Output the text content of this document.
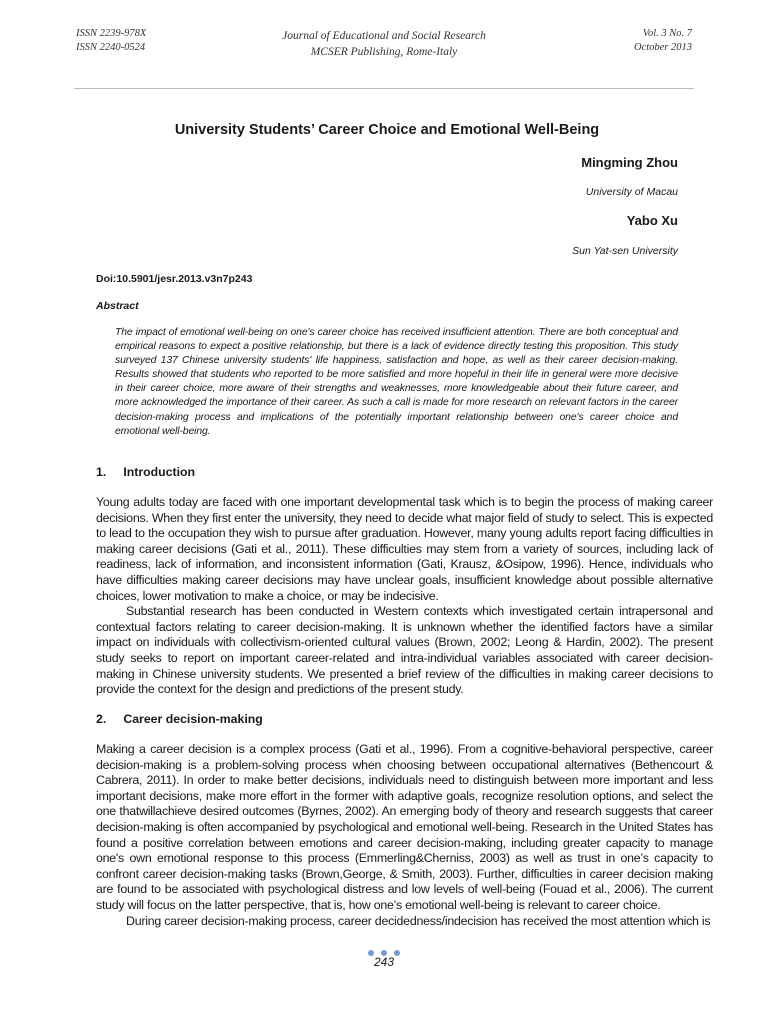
ISSN 2239-978X
ISSN 2240-0524
Journal of Educational and Social Research
MCSER Publishing, Rome-Italy
Vol. 3 No. 7
October 2013
University Students’ Career Choice and Emotional Well-Being
Mingming Zhou
University of Macau
Yabo Xu
Sun Yat-sen University
Doi:10.5901/jesr.2013.v3n7p243
Abstract
The impact of emotional well-being on one's career choice has received insufficient attention. There are both conceptual and empirical reasons to expect a positive relationship, but there is a lack of evidence directly testing this proposition. This study surveyed 137 Chinese university students' life happiness, satisfaction and hope, as well as their career decision-making. Results showed that students who reported to be more satisfied and more hopeful in their life in general were more decisive in their career choice, more aware of their strengths and weaknesses, more knowledgeable about their future career, and more acknowledged the importance of their career. As such a call is made for more research on relevant factors in the career decision-making process and implications of the potentially important relationship between one's career choice and emotional well-being.
1.     Introduction

Young adults today are faced with one important developmental task which is to begin the process of making career decisions. When they first enter the university, they need to decide what major field of study to select. This is expected to lead to the occupation they wish to pursue after graduation. However, many young adults report facing difficulties in making career decisions (Gati et al., 2011). These difficulties may stem from a variety of sources, including lack of readiness, lack of information, and inconsistent information (Gati, Krausz, &Osipow, 1996). Hence, individuals who have difficulties making career decisions may have unclear goals, insufficient knowledge about possible alternative choices, lower motivation to make a choice, or may be indecisive.

Substantial research has been conducted in Western contexts which investigated certain intrapersonal and contextual factors relating to career decision-making. It is unknown whether the identified factors have a similar impact on individuals with collectivism-oriented cultural values (Brown, 2002; Leong & Hardin, 2002). The present study seeks to report on important career-related and intra-individual variables associated with career decision-making in Chinese university students. We presented a brief review of the difficulties in making career decisions to provide the context for the design and predictions of the present study.

2.     Career decision-making

Making a career decision is a complex process (Gati et al., 1996). From a cognitive-behavioral perspective, career decision-making is a problem-solving process when choosing between occupational alternatives (Bethencourt & Cabrera, 2011). In order to make better decisions, individuals need to distinguish between more important and less important decisions, make more effort in the former with adaptive goals, recognize resolution options, and select the one thatwillachieve desired outcomes (Byrnes, 2002). An emerging body of theory and research suggests that career decision-making is often accompanied by psychological and emotional well-being. Research in the United States has found a positive correlation between emotions and career decision-making, including greater capacity to manage one's own emotional response to this process (Emmerling&Cherniss, 2003) as well as trust in one’s capacity to confront career decision-making tasks (Brown,George, & Smith, 2003). Further, difficulties in career decision making are found to be associated with psychological distress and low levels of well-being (Fouad et al., 2006). The current study will focus on the latter perspective, that is, how one’s emotional well-being is relevant to career choice.

During career decision-making process, career decidedness/indecision has received the most attention which is

243
